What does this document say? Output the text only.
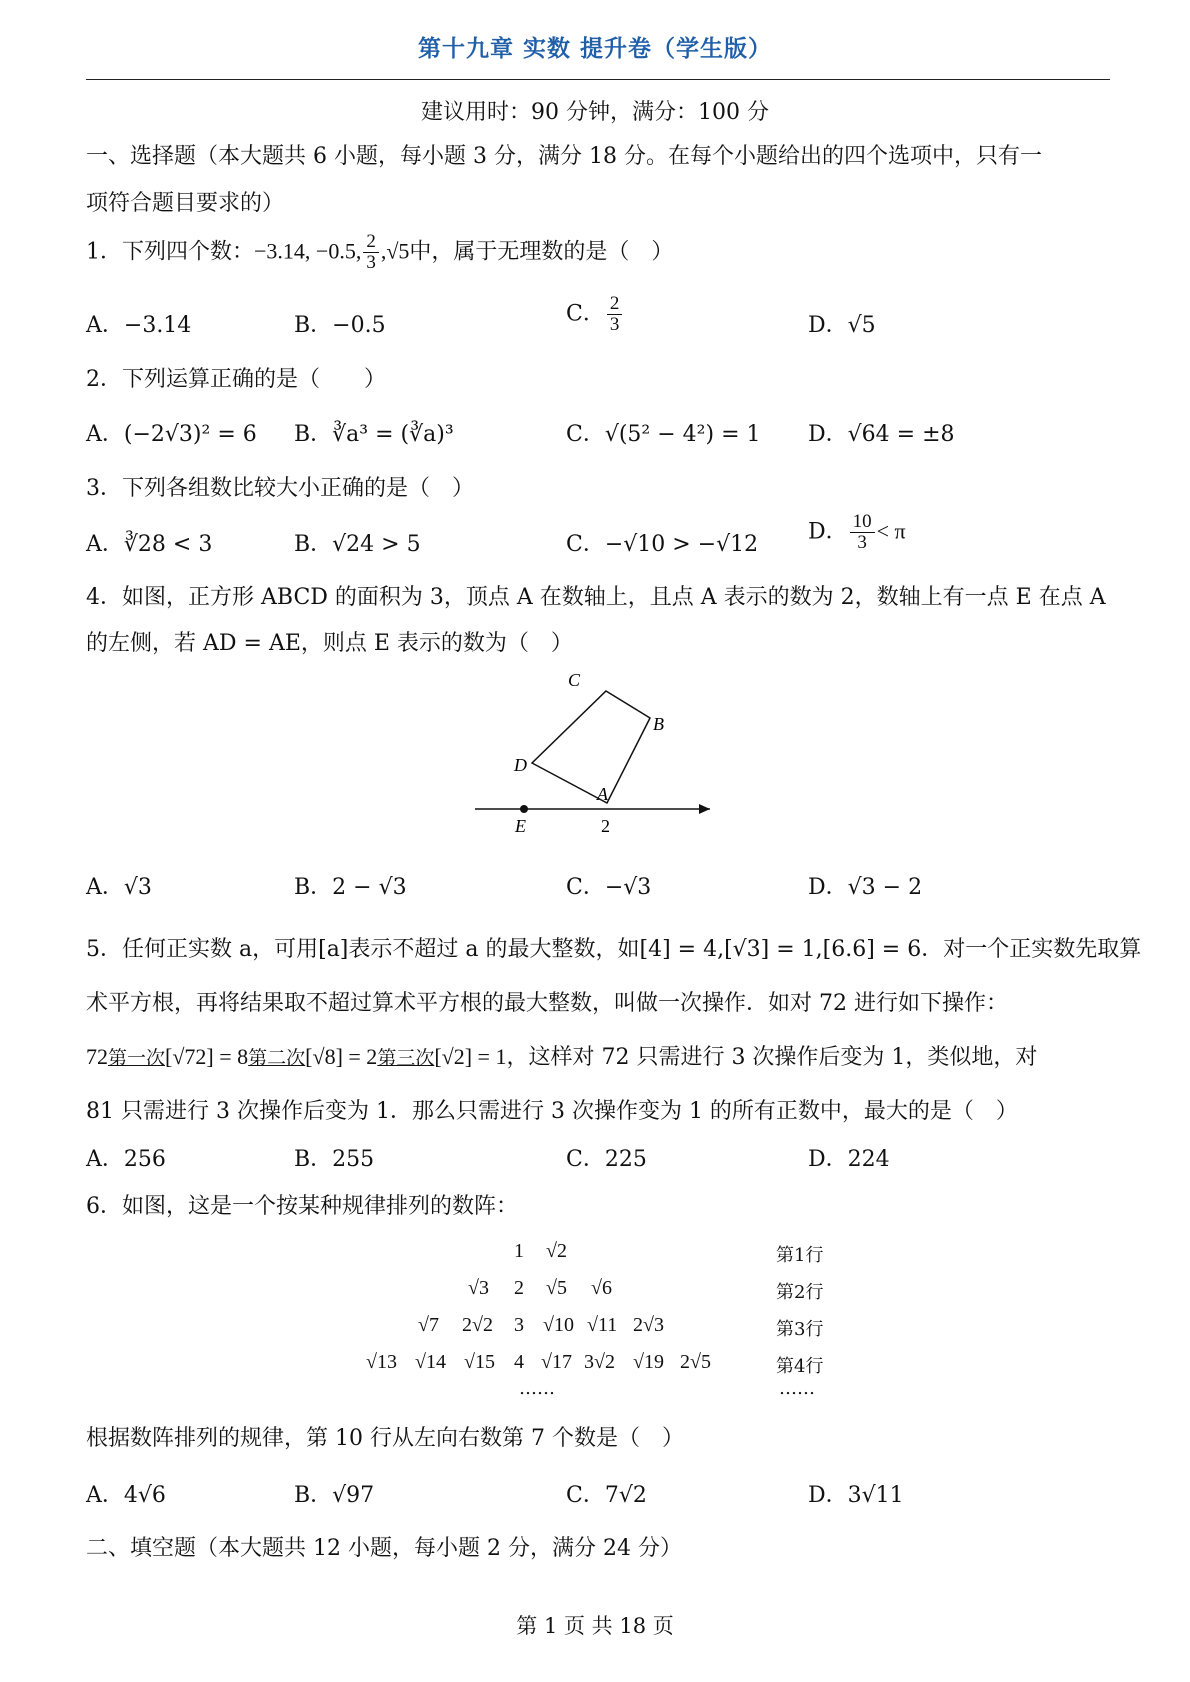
第十九章 实数 提升卷（学生版）
建议用时：90 分钟，满分：100 分
一、选择题（本大题共 6 小题，每小题 3 分，满分 18 分。在每个小题给出的四个选项中，只有一
项符合题目要求的）
1．下列四个数：−3.14, −0.5, $\frac{2}{3} ,√5$中，属于无理数的是（　）
A．−3.14	B．−0.5	C． $\frac{2}{3}$	D．√5
2．下列运算正确的是（　　）
A．(−2√3)² = 6 B．∛a³ = (∛a)³	C．√(5² − 4²) = 1 D．√64 = ±8
3．下列各组数比较大小正确的是（　）
A．∛28 < 3	B．√24 > 5	C．−√10 > −√12
D． $\frac{10}{3} < \pi$
4．如图，正方形 ABCD 的面积为 3，顶点 A 在数轴上，且点 A 表示的数为 2，数轴上有一点 E 在点 A
的左侧，若 AD = AE，则点 E 表示的数为（　）
C
B
D
A
E	2
A．√3	B．2 − √3	C．−√3	D．√3 − 2
5．任何正实数 a，可用[a]表示不超过 a 的最大整数，如[4] = 4,[√3] = 1,[6.6] = 6．对一个正实数先取算
术平方根，再将结果取不超过算术平方根的最大整数，叫做一次操作．如对 72 进行如下操作：
72第一次[√72] = 8第二次[√8] = 2第三次[√2] = 1，这样对 72 只需进行 3 次操作后变为 1，类似地，对
81 只需进行 3 次操作后变为 1．那么只需进行 3 次操作变为 1 的所有正数中，最大的是（　）
A．256	B．255	C．225	D．224
6．如图，这是一个按某种规律排列的数阵：
1 √2	第1行
√3 2 √5 √6	第2行
√7 2√2 3 √10 √11 2√3	第3行
√13 √14 √15 4 √17 3√2 √19 2√5	第4行
……	……
根据数阵排列的规律，第 10 行从左向右数第 7 个数是（　）
A．4√6	B．√97	C．7√2	D．3√11
二、填空题（本大题共 12 小题，每小题 2 分，满分 24 分）
第 1 页 共 18 页
